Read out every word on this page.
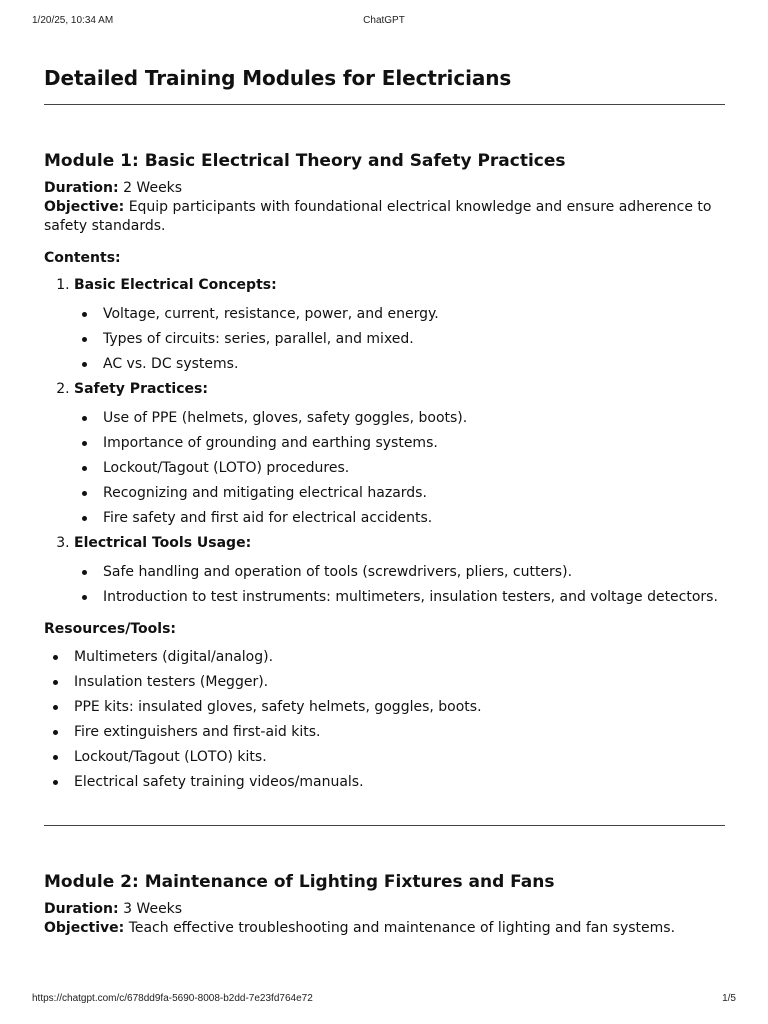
1/20/25, 10:34 AM	ChatGPT
Detailed Training Modules for Electricians
Module 1: Basic Electrical Theory and Safety Practices

Duration: 2 Weeks

Objective: Equip participants with foundational electrical knowledge and ensure adherence to safety standards.

Contents:

1. Basic Electrical Concepts:
Voltage, current, resistance, power, and energy.
Types of circuits: series, parallel, and mixed.
AC vs. DC systems.
2. Safety Practices:
Use of PPE (helmets, gloves, safety goggles, boots).
Importance of grounding and earthing systems.
Lockout/Tagout (LOTO) procedures.
Recognizing and mitigating electrical hazards.
Fire safety and first aid for electrical accidents.
3. Electrical Tools Usage:
Safe handling and operation of tools (screwdrivers, pliers, cutters).
Introduction to test instruments: multimeters, insulation testers, and voltage detectors.

Resources/Tools:

Multimeters (digital/analog).
Insulation testers (Megger).
PPE kits: insulated gloves, safety helmets, goggles, boots.
Fire extinguishers and first-aid kits.
Lockout/Tagout (LOTO) kits.
Electrical safety training videos/manuals.
Module 2: Maintenance of Lighting Fixtures and Fans

Duration: 3 Weeks

Objective: Teach effective troubleshooting and maintenance of lighting and fan systems.

https://chatgpt.com/c/678dd9fa-5690-8008-b2dd-7e23fd764e72	1/5
